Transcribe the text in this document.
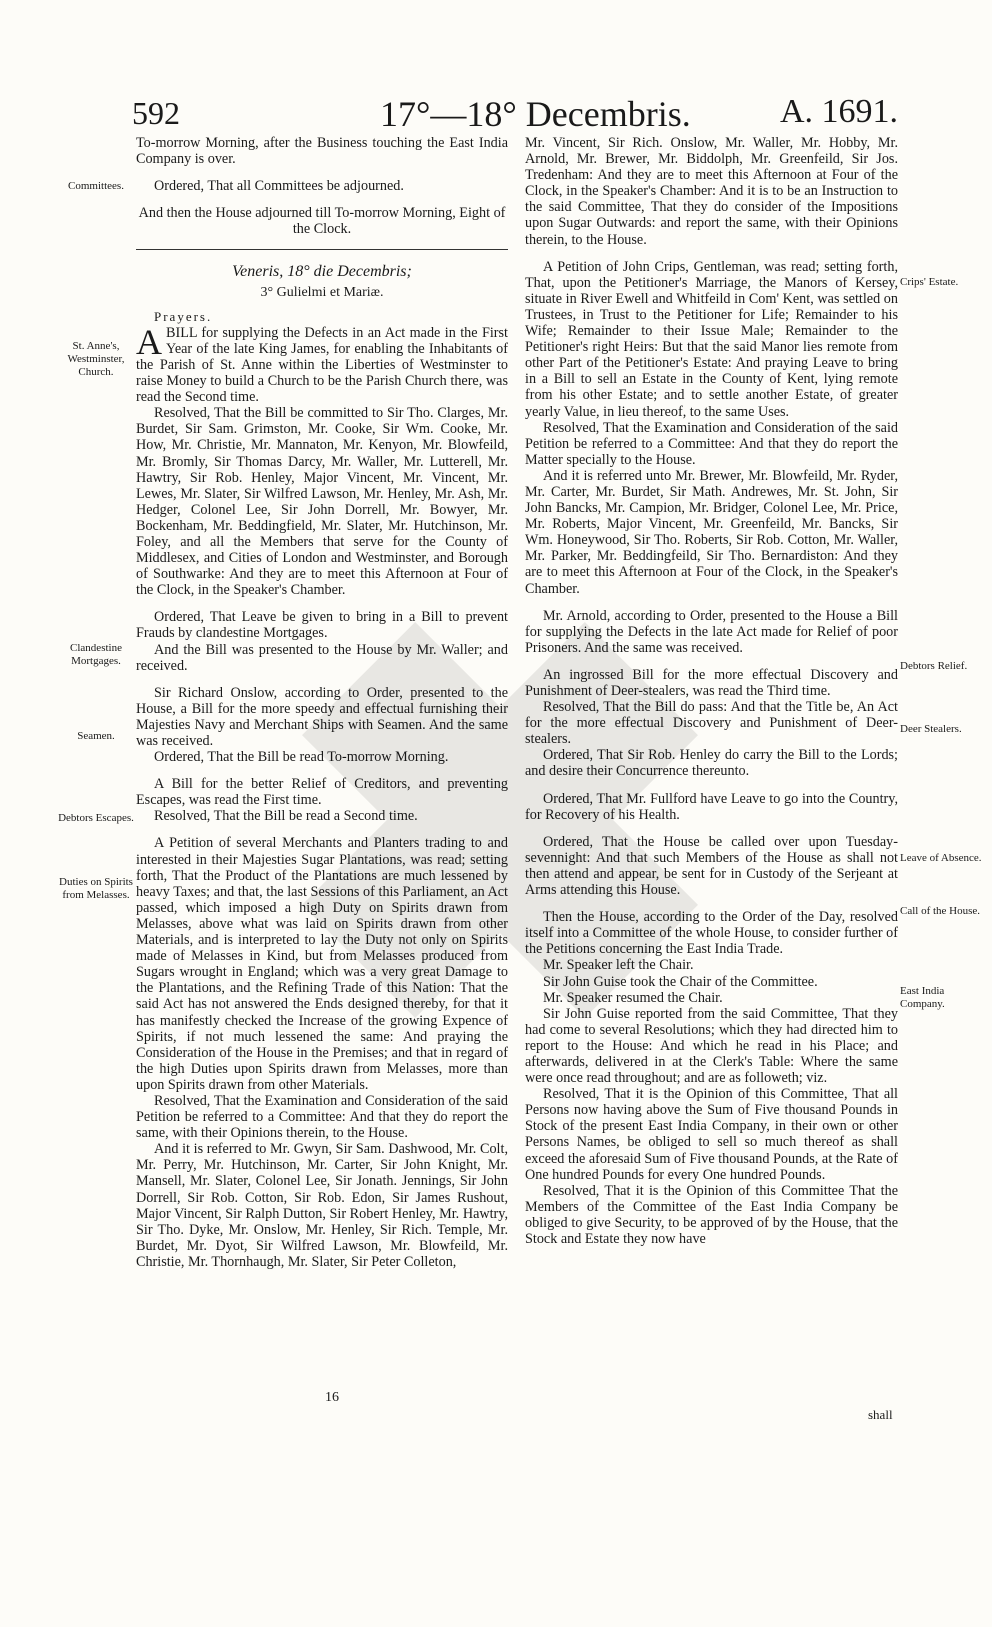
592	17°—18° Decembris.	A. 1691.
Committees.
St. Anne's, Westminster, Church.
Clandestine Mortgages.
Seamen.
Debtors Escapes.
Duties on Spirits from Melasses.
Crips' Estate.
Debtors Relief.
Deer Stealers.
Leave of Absence.
Call of the House.
East India Company.

To-morrow Morning, after the Business touching the East India Company is over.

Ordered, That all Committees be adjourned.

And then the House adjourned till To-morrow Morning, Eight of the Clock.

Veneris, 18° die Decembris;
3° Gulielmi et Mariæ.
Prayers.

ABILL for supplying the Defects in an Act made in the First Year of the late King James, for enabling the Inhabitants of the Parish of St. Anne within the Liberties of Westminster to raise Money to build a Church to be the Parish Church there, was read the Second time.

Resolved, That the Bill be committed to Sir Tho. Clarges, Mr. Burdet, Sir Sam. Grimston, Mr. Cooke, Sir Wm. Cooke, Mr. How, Mr. Christie, Mr. Mannaton, Mr. Kenyon, Mr. Blowfeild, Mr. Bromly, Sir Thomas Darcy, Mr. Waller, Mr. Lutterell, Mr. Hawtry, Sir Rob. Henley, Major Vincent, Mr. Vincent, Mr. Lewes, Mr. Slater, Sir Wilfred Lawson, Mr. Henley, Mr. Ash, Mr. Hedger, Colonel Lee, Sir John Dorrell, Mr. Bowyer, Mr. Bockenham, Mr. Beddingfield, Mr. Slater, Mr. Hutchinson, Mr. Foley, and all the Members that serve for the County of Middlesex, and Cities of London and Westminster, and Borough of Southwarke: And they are to meet this Afternoon at Four of the Clock, in the Speaker's Chamber.

Ordered, That Leave be given to bring in a Bill to prevent Frauds by clandestine Mortgages.

And the Bill was presented to the House by Mr. Waller; and received.

Sir Richard Onslow, according to Order, presented to the House, a Bill for the more speedy and effectual furnishing their Majesties Navy and Merchant Ships with Seamen. And the same was received.

Ordered, That the Bill be read To-morrow Morning.

A Bill for the better Relief of Creditors, and preventing Escapes, was read the First time.

Resolved, That the Bill be read a Second time.

A Petition of several Merchants and Planters trading to and interested in their Majesties Sugar Plantations, was read; setting forth, That the Product of the Plantations are much lessened by heavy Taxes; and that, the last Sessions of this Parliament, an Act passed, which imposed a high Duty on Spirits drawn from Melasses, above what was laid on Spirits drawn from other Materials, and is interpreted to lay the Duty not only on Spirits made of Melasses in Kind, but from Melasses produced from Sugars wrought in England; which was a very great Damage to the Plantations, and the Refining Trade of this Nation: That the said Act has not answered the Ends designed thereby, for that it has manifestly checked the Increase of the growing Expence of Spirits, if not much lessened the same: And praying the Consideration of the House in the Premises; and that in regard of the high Duties upon Spirits drawn from Melasses, more than upon Spirits drawn from other Materials.

Resolved, That the Examination and Consideration of the said Petition be referred to a Committee: And that they do report the same, with their Opinions therein, to the House.

And it is referred to Mr. Gwyn, Sir Sam. Dashwood, Mr. Colt, Mr. Perry, Mr. Hutchinson, Mr. Carter, Sir John Knight, Mr. Mansell, Mr. Slater, Colonel Lee, Sir Jonath. Jennings, Sir John Dorrell, Sir Rob. Cotton, Sir Rob. Edon, Sir James Rushout, Major Vincent, Sir Ralph Dutton, Sir Robert Henley, Mr. Hawtry, Sir Tho. Dyke, Mr. Onslow, Mr. Henley, Sir Rich. Temple, Mr. Burdet, Mr. Dyot, Sir Wilfred Lawson, Mr. Blowfeild, Mr. Christie, Mr. Thornhaugh, Mr. Slater, Sir Peter Colleton,

Mr. Vincent, Sir Rich. Onslow, Mr. Waller, Mr. Hobby, Mr. Arnold, Mr. Brewer, Mr. Biddolph, Mr. Greenfeild, Sir Jos. Tredenham: And they are to meet this Afternoon at Four of the Clock, in the Speaker's Chamber: And it is to be an Instruction to the said Committee, That they do consider of the Impositions upon Sugar Outwards: and report the same, with their Opinions therein, to the House.

A Petition of John Crips, Gentleman, was read; setting forth, That, upon the Petitioner's Marriage, the Manors of Kersey, situate in River Ewell and Whitfeild in Com' Kent, was settled on Trustees, in Trust to the Petitioner for Life; Remainder to his Wife; Remainder to their Issue Male; Remainder to the Petitioner's right Heirs: But that the said Manor lies remote from other Part of the Petitioner's Estate: And praying Leave to bring in a Bill to sell an Estate in the County of Kent, lying remote from his other Estate; and to settle another Estate, of greater yearly Value, in lieu thereof, to the same Uses.

Resolved, That the Examination and Consideration of the said Petition be referred to a Committee: And that they do report the Matter specially to the House.

And it is referred unto Mr. Brewer, Mr. Blowfeild, Mr. Ryder, Mr. Carter, Mr. Burdet, Sir Math. Andrewes, Mr. St. John, Sir John Bancks, Mr. Campion, Mr. Bridger, Colonel Lee, Mr. Price, Mr. Roberts, Major Vincent, Mr. Greenfeild, Mr. Bancks, Sir Wm. Honeywood, Sir Tho. Roberts, Sir Rob. Cotton, Mr. Waller, Mr. Parker, Mr. Beddingfeild, Sir Tho. Bernardiston: And they are to meet this Afternoon at Four of the Clock, in the Speaker's Chamber.

Mr. Arnold, according to Order, presented to the House a Bill for supplying the Defects in the late Act made for Relief of poor Prisoners. And the same was received.

An ingrossed Bill for the more effectual Discovery and Punishment of Deer-stealers, was read the Third time.

Resolved, That the Bill do pass: And that the Title be, An Act for the more effectual Discovery and Punishment of Deer-stealers.

Ordered, That Sir Rob. Henley do carry the Bill to the Lords; and desire their Concurrence thereunto.

Ordered, That Mr. Fullford have Leave to go into the Country, for Recovery of his Health.

Ordered, That the House be called over upon Tuesday-sevennight: And that such Members of the House as shall not then attend and appear, be sent for in Custody of the Serjeant at Arms attending this House.

Then the House, according to the Order of the Day, resolved itself into a Committee of the whole House, to consider further of the Petitions concerning the East India Trade.

Mr. Speaker left the Chair.

Sir John Guise took the Chair of the Committee.

Mr. Speaker resumed the Chair.

Sir John Guise reported from the said Committee, That they had come to several Resolutions; which they had directed him to report to the House: And which he read in his Place; and afterwards, delivered in at the Clerk's Table: Where the same were once read throughout; and are as followeth; viz.

Resolved, That it is the Opinion of this Committee, That all Persons now having above the Sum of Five thousand Pounds in Stock of the present East India Company, in their own or other Persons Names, be obliged to sell so much thereof as shall exceed the aforesaid Sum of Five thousand Pounds, at the Rate of One hundred Pounds for every One hundred Pounds.

Resolved, That it is the Opinion of this Committee That the Members of the Committee of the East India Company be obliged to give Security, to be approved of by the House, that the Stock and Estate they now have

16
shall
